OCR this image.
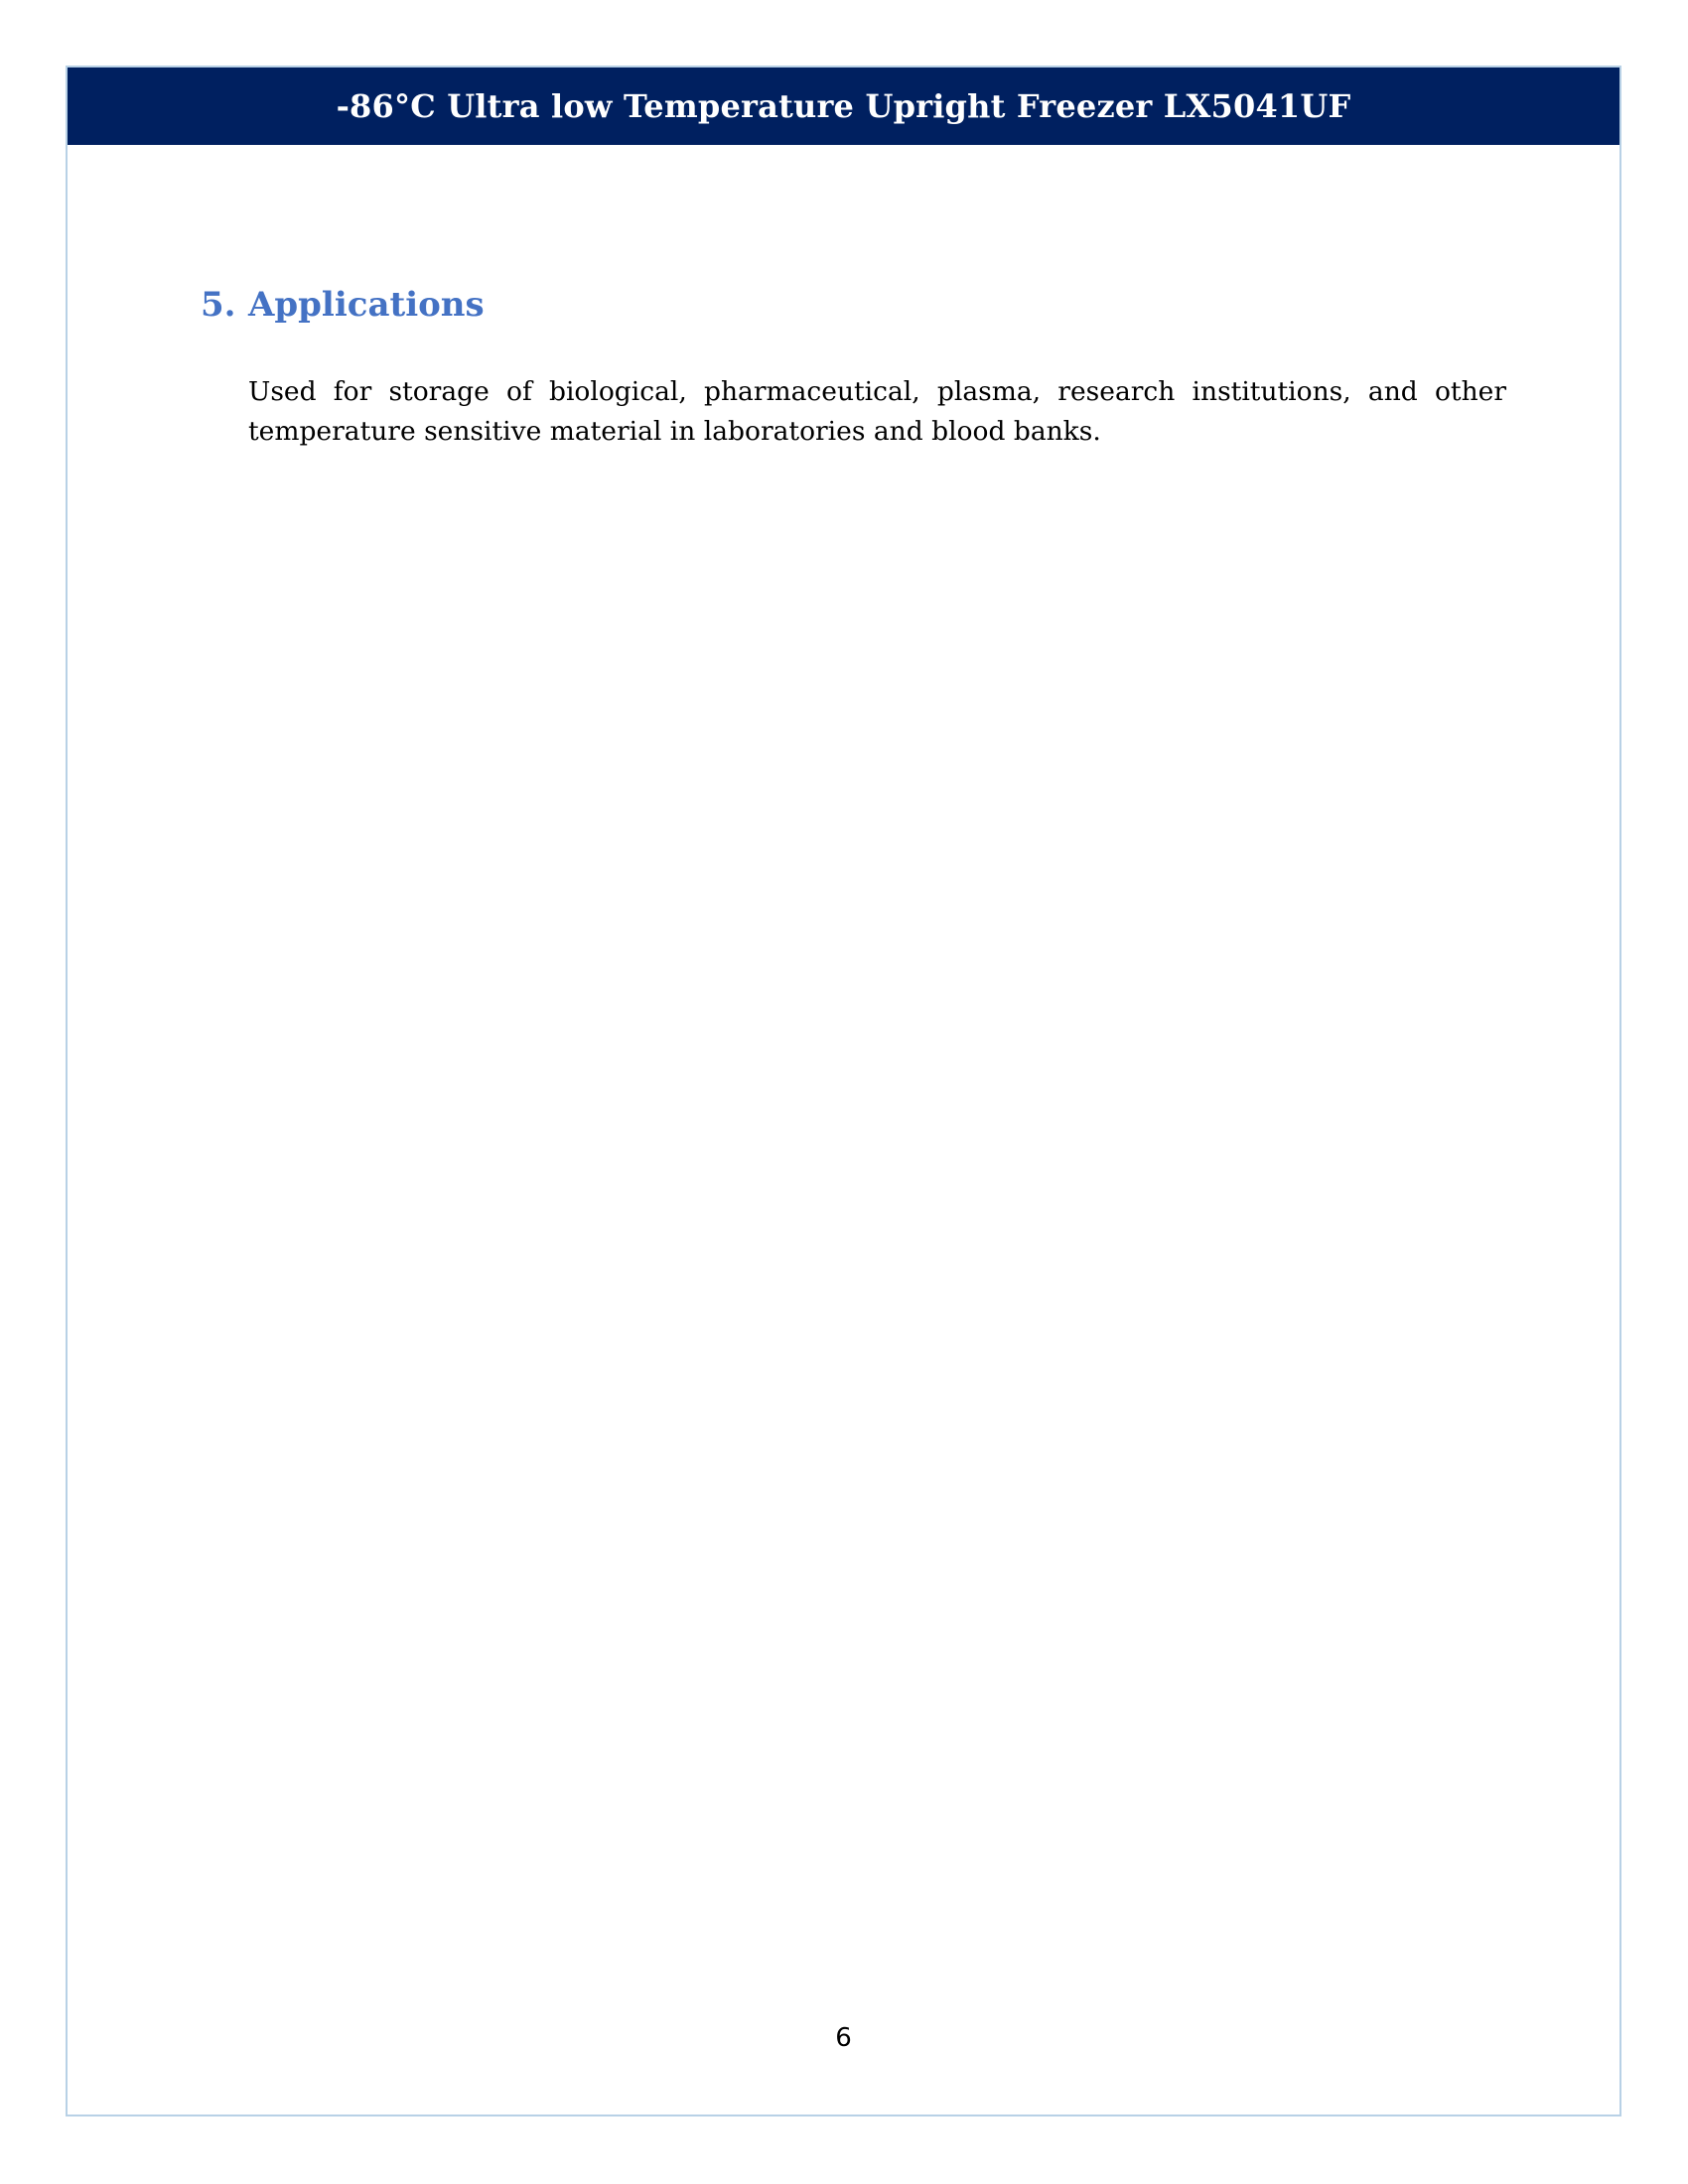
-86°C Ultra low Temperature Upright Freezer LX5041UF
5. Applications

Used for storage of biological, pharmaceutical, plasma, research institutions, and other temperature sensitive material in laboratories and blood banks.

6
